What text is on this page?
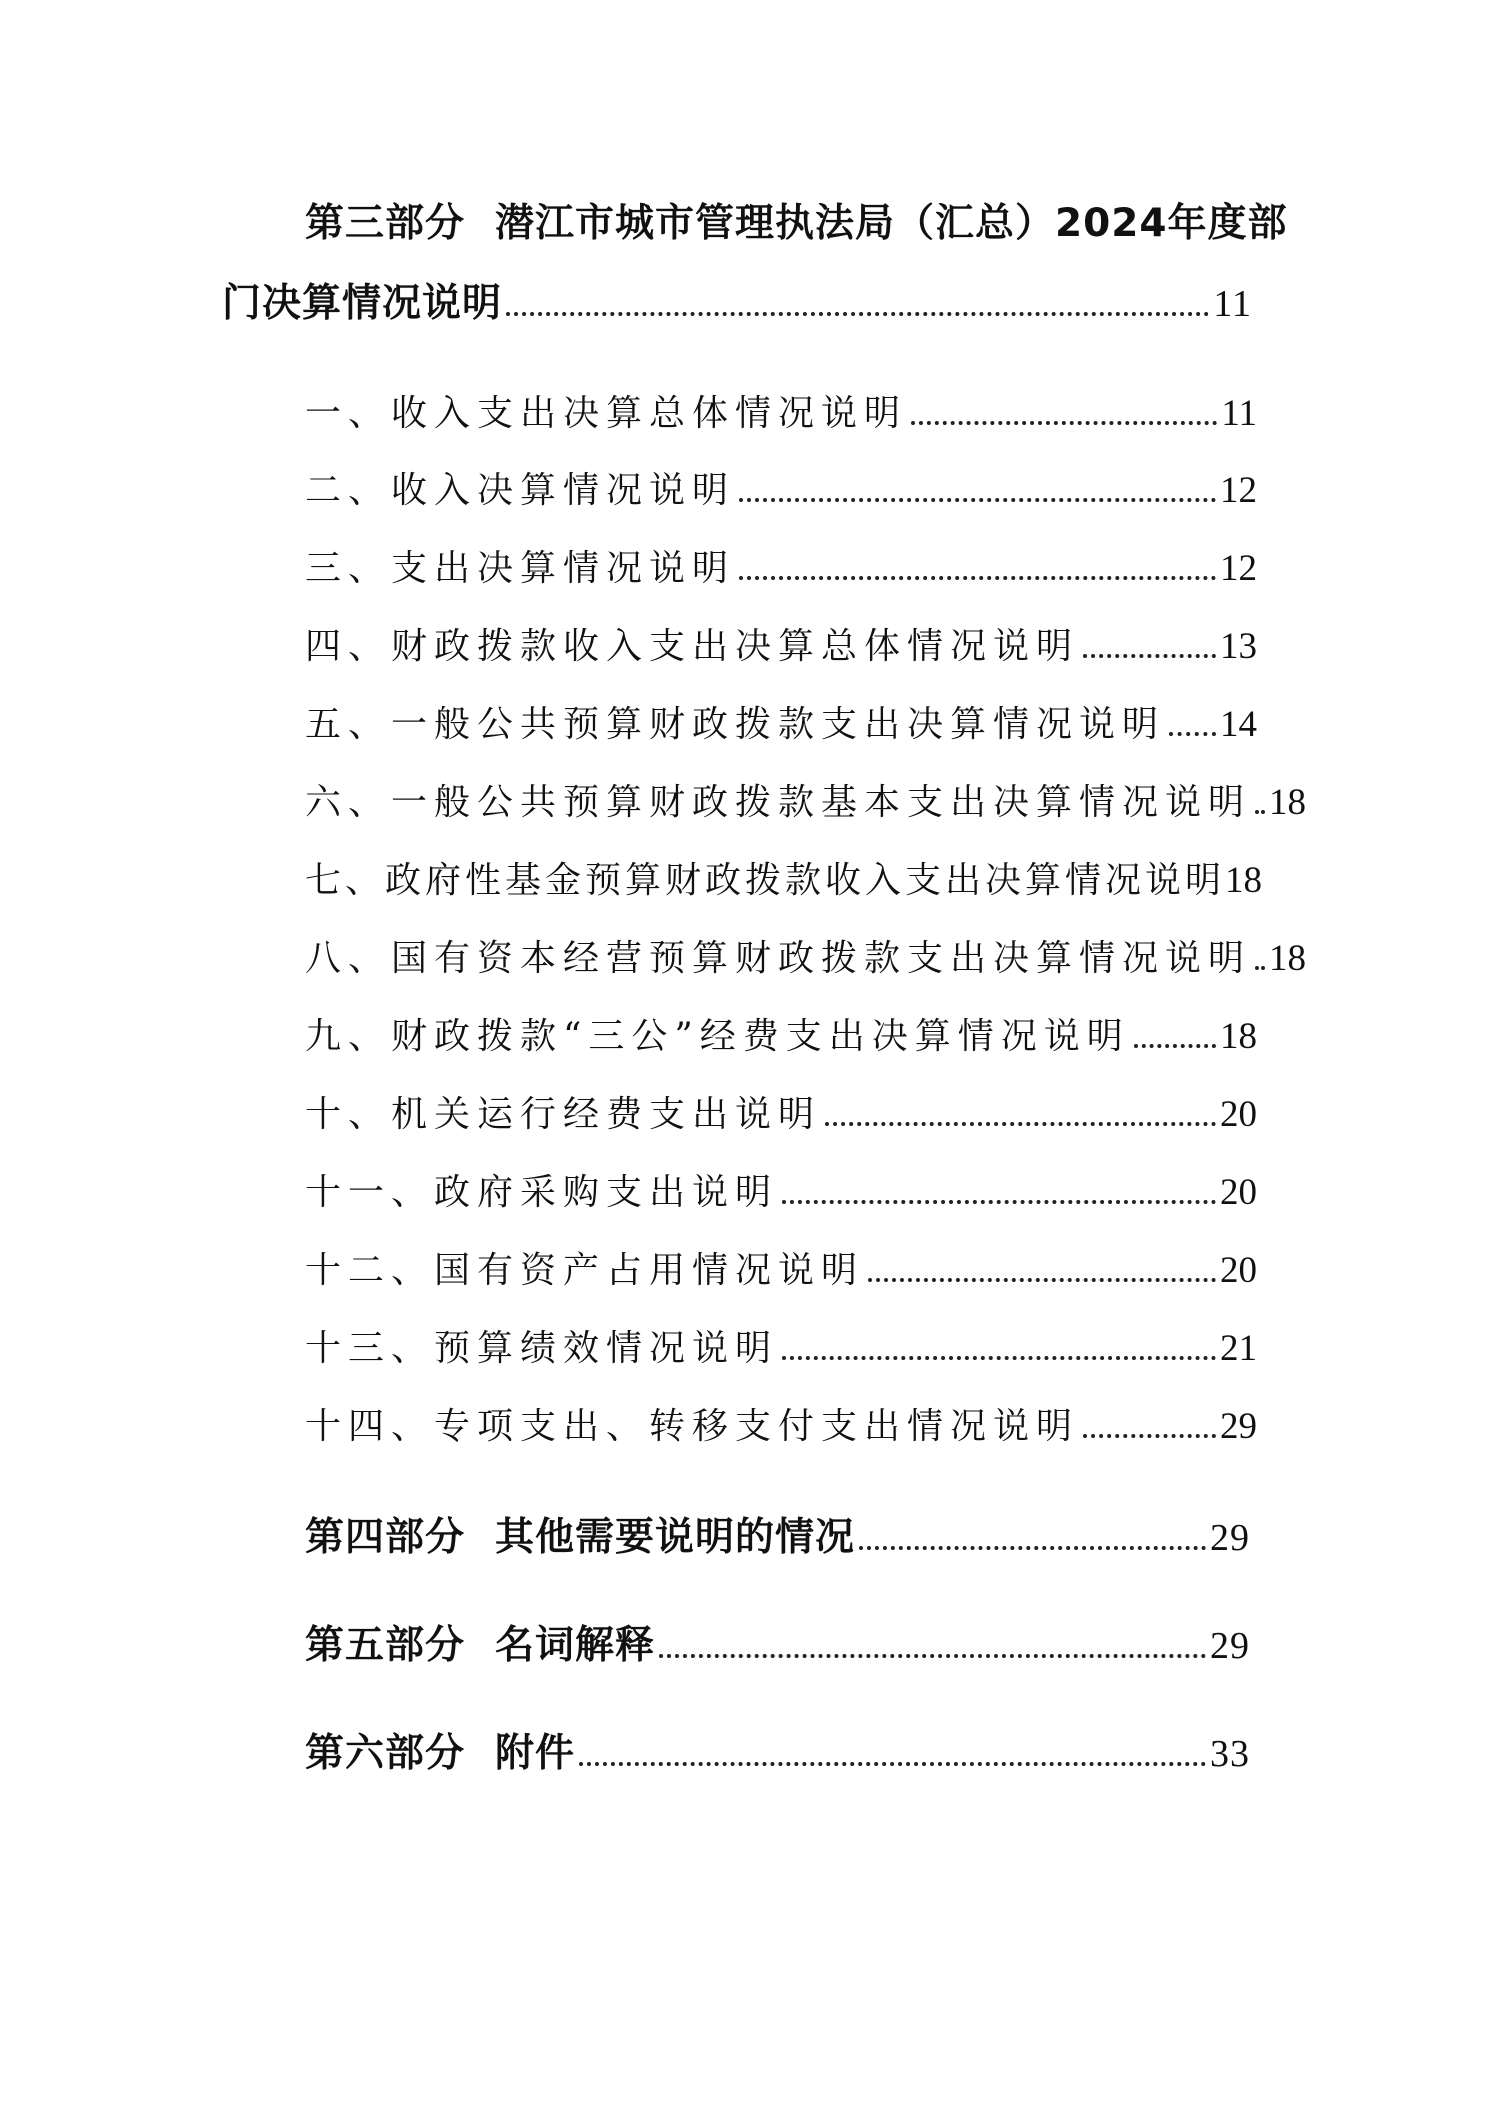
第三部分 潜江市城市管理执法局（汇总）2024年度部
门决算情况说明	11
一、收入支出决算总体情况说明	11
二、收入决算情况说明	12
三、支出决算情况说明	12
四、财政拨款收入支出决算总体情况说明	13
五、一般公共预算财政拨款支出决算情况说明 14
六、一般公共预算财政拨款基本支出决算情况说明 18
七、政府性基金预算财政拨款收入支出决算情况说明 18
八、国有资本经营预算财政拨款支出决算情况说明 18
九、财政拨款“三公”经费支出决算情况说明 18
十、机关运行经费支出说明	20
十一、政府采购支出说明	20
十二、国有资产占用情况说明	20
十三、预算绩效情况说明	21
十四、专项支出、转移支付支出情况说明	29
第四部分 其他需要说明的情况	29
第五部分 名词解释	29
第六部分 附件	33
